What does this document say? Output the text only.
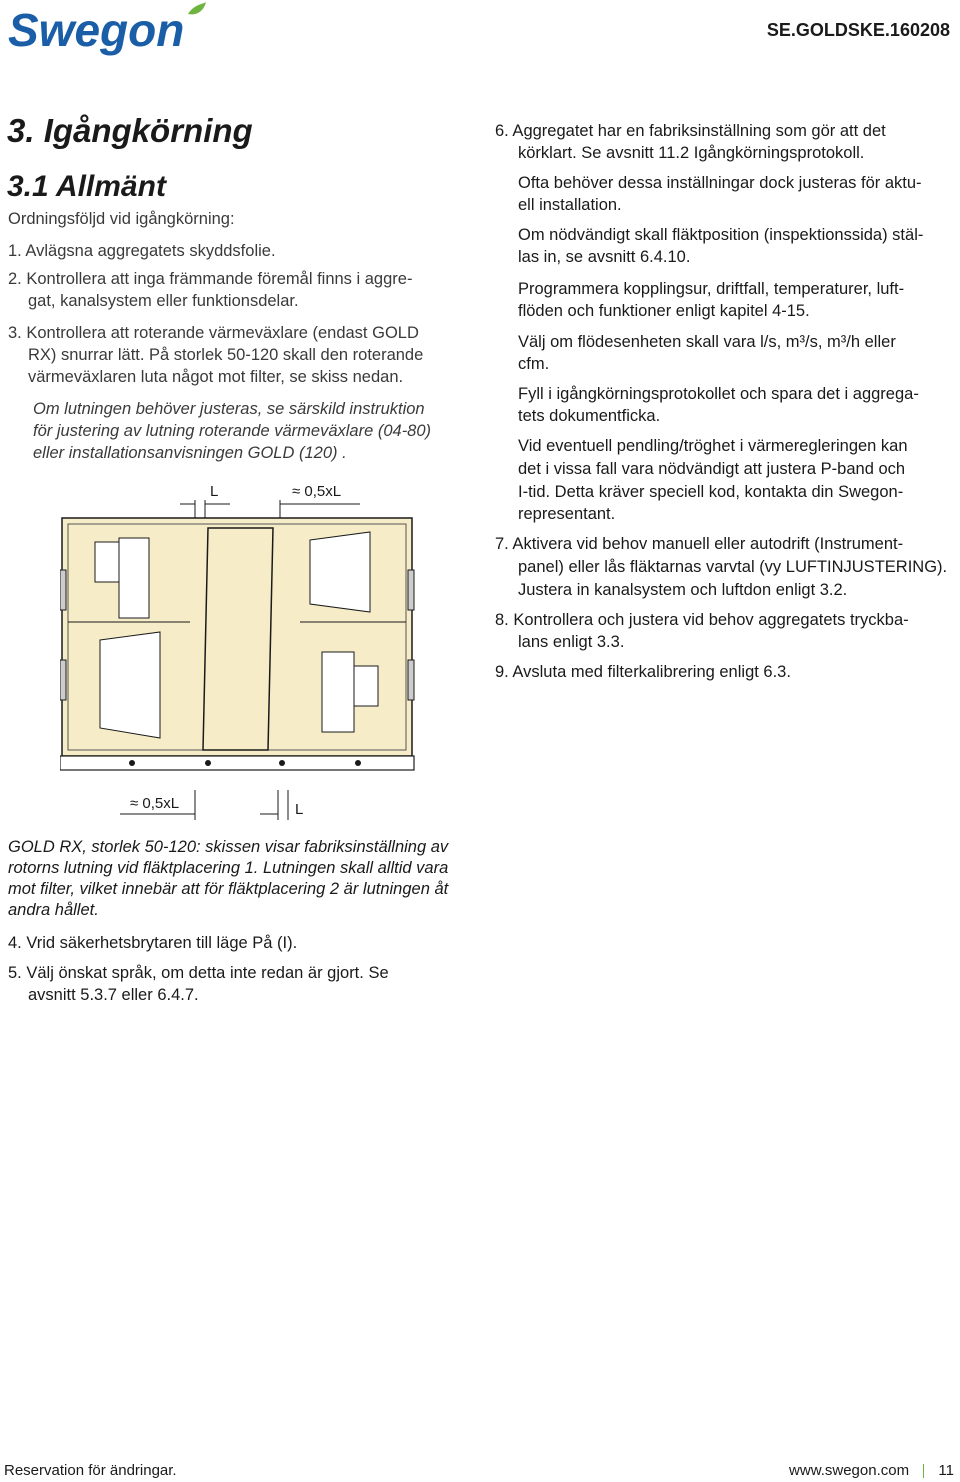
Swegon	SE.GOLDSKE.160208
3. Igångkörning
3.1 Allmänt
Ordningsföljd vid igångkörning:
1. Avlägsna aggregatets skyddsfolie.
2. Kontrollera att inga främmande föremål finns i aggre-
gat, kanalsystem eller funktionsdelar.
3. Kontrollera att roterande värmeväxlare (endast GOLD
RX) snurrar lätt. På storlek 50-120 skall den roterande
värmeväxlaren luta något mot filter, se skiss nedan.
Om lutningen behöver justeras, se särskild instruktion
för justering av lutning roterande värmeväxlare (04-80)
eller installationsanvisningen GOLD (120) .
L	≈ 0,5xL
≈ 0,5xL	L
GOLD RX, storlek 50-120: skissen visar fabriksinställning av
rotorns lutning vid fläktplacering 1. Lutningen skall alltid vara
mot filter, vilket innebär att för fläktplacering 2 är lutningen åt
andra hållet.
4. Vrid säkerhetsbrytaren till läge På (I).
5. Välj önskat språk, om detta inte redan är gjort. Se
avsnitt 5.3.7 eller 6.4.7.
6. Aggregatet har en fabriksinställning som gör att det
körklart. Se avsnitt 11.2 Igångkörningsprotokoll.
Ofta behöver dessa inställningar dock justeras för aktu-
ell installation.
Om nödvändigt skall fläktposition (inspektionssida) stäl-
las in, se avsnitt 6.4.10.
Programmera kopplingsur, driftfall, temperaturer, luft-
flöden och funktioner enligt kapitel 4-15.
Välj om flödesenheten skall vara l/s, m³/s, m³/h eller
cfm.
Fyll i igångkörningsprotokollet och spara det i aggrega-
tets dokumentficka.
Vid eventuell pendling/tröghet i värmeregleringen kan
det i vissa fall vara nödvändigt att justera P-band och
I-tid. Detta kräver speciell kod, kontakta din Swegon-
representant.
7. Aktivera vid behov manuell eller autodrift (Instrument-
panel) eller lås fläktarnas varvtal (vy LUFTINJUSTERING).
Justera in kanalsystem och luftdon enligt 3.2.
8. Kontrollera och justera vid behov aggregatets tryckba-
lans enligt 3.3.
9. Avsluta med filterkalibrering enligt 6.3.
Reservation för ändringar.	www.swegon.com 11
